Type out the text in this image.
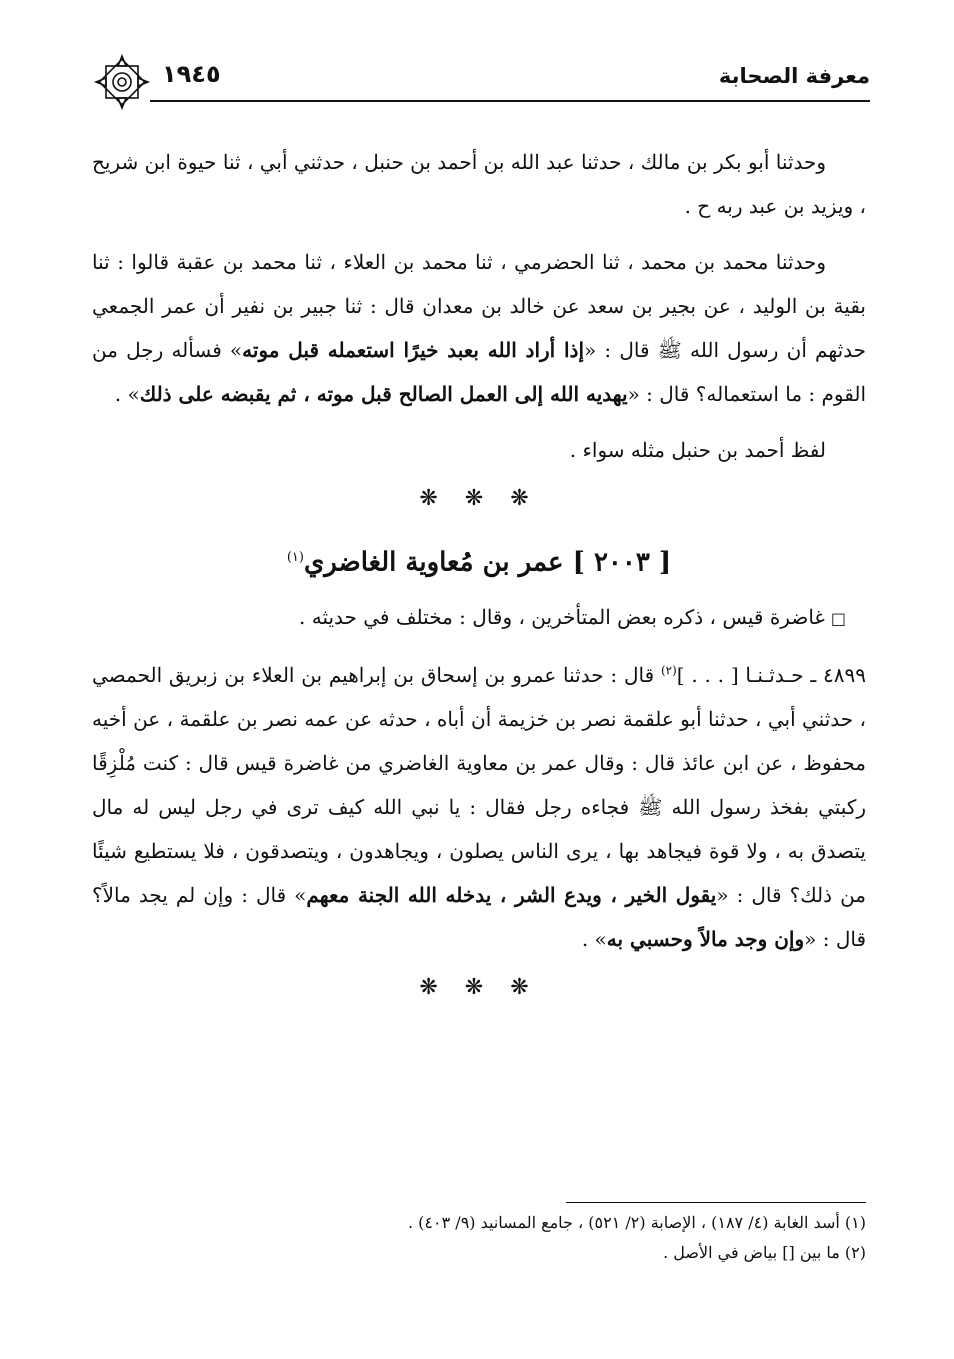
معرفة الصحابة
١٩٤٥

وحدثنا أبو بكر بن مالك ، حدثنا عبد الله بن أحمد بن حنبل ، حدثني أبي ، ثنا حيوة ابن شريح ، ويزيد بن عبد ربه ح .

وحدثنا محمد بن محمد ، ثنا الحضرمي ، ثنا محمد بن العلاء ، ثنا محمد بن عقبة قالوا : ثنا بقية بن الوليد ، عن بجير بن سعد عن خالد بن معدان قال : ثنا جبير بن نفير أن عمر الجمعي حدثهم أن رسول الله ﷺ قال : «إذا أراد الله بعبد خيرًا استعمله قبل موته» فسأله رجل من القوم : ما استعماله؟ قال : «يهديه الله إلى العمل الصالح قبل موته ، ثم يقبضه على ذلك» .

لفظ أحمد بن حنبل مثله سواء .

❋ ❋ ❋
[ ٢٠٠٣ ] عمر بن مُعاوية الغاضري$^{(١)}$

□غاضرة قيس ، ذكره بعض المتأخرين ، وقال : مختلف في حديثه .

٤٨٩٩ ـ حـدثـنـا [ . . . ]$^{(٢)}$ قال : حدثنا عمرو بن إسحاق بن إبراهيم بن العلاء بن زبريق الحمصي ، حدثني أبي ، حدثنا أبو علقمة نصر بن خزيمة أن أباه ، حدثه عن عمه نصر بن علقمة ، عن أخيه محفوظ ، عن ابن عائذ قال : وقال عمر بن معاوية الغاضري من غاضرة قيس قال : كنت مُلْزِقًا ركبتي بفخذ رسول الله ﷺ فجاءه رجل فقال : يا نبي الله كيف ترى في رجل ليس له مال يتصدق به ، ولا قوة فيجاهد بها ، يرى الناس يصلون ، ويجاهدون ، ويتصدقون ، فلا يستطيع شيئًا من ذلك؟ قال : «يقول الخير ، ويدع الشر ، يدخله الله الجنة معهم» قال : وإن لم يجد مالاً؟ قال : «وإن وجد مالاً وحسبي به» .

❋ ❋ ❋

(١) أسد الغابة (٤/ ١٨٧) ، الإصابة (٢/ ٥٢١) ، جامع المسانيد (٩/ ٤٠٣) .

(٢) ما بين [] بياض في الأصل .
